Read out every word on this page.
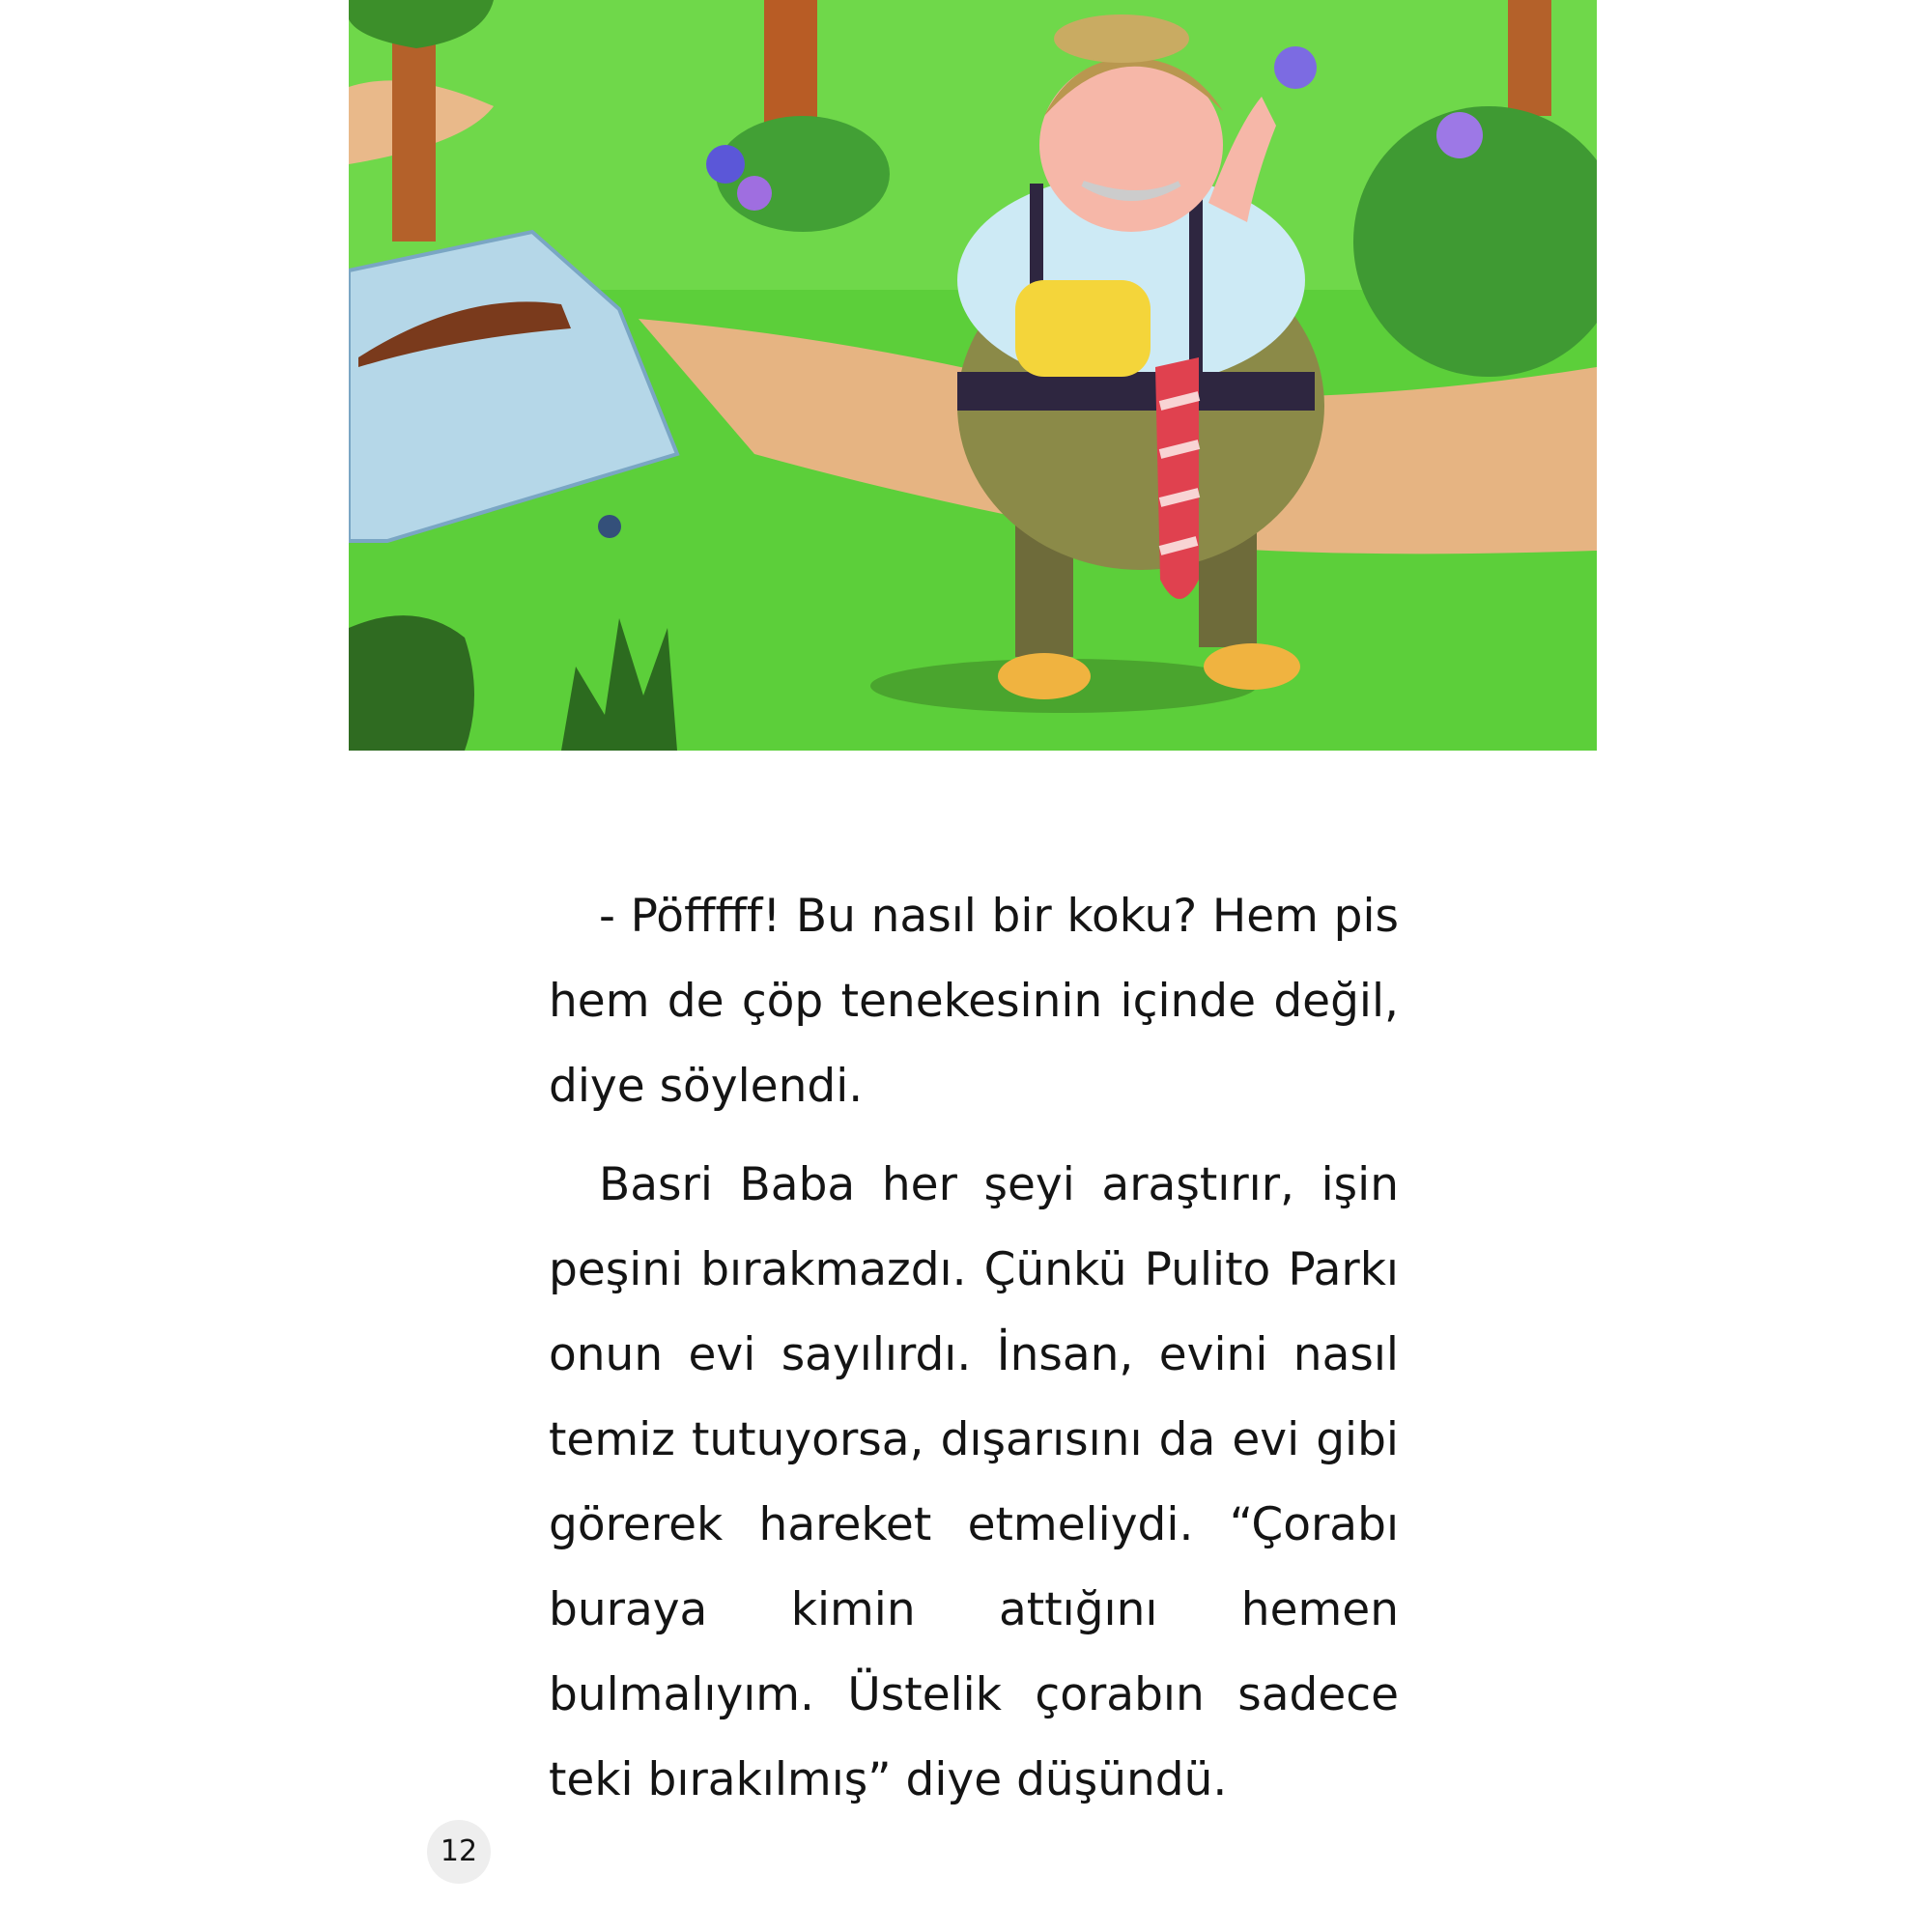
- Pöfffff! Bu nasıl bir koku? Hem pis hem de çöp tenekesinin içinde değil, diye söylendi.

Basri Baba her şeyi araştırır, işin peşini bırakmazdı. Çünkü Pulito Parkı onun evi sayılırdı. İnsan, evini nasıl temiz tutuyorsa, dışarısını da evi gibi görerek hareket etmeliydi. “Çorabı buraya kimin attığını hemen bulmalıyım. Üstelik çorabın sadece teki bırakılmış” diye düşündü.

12
